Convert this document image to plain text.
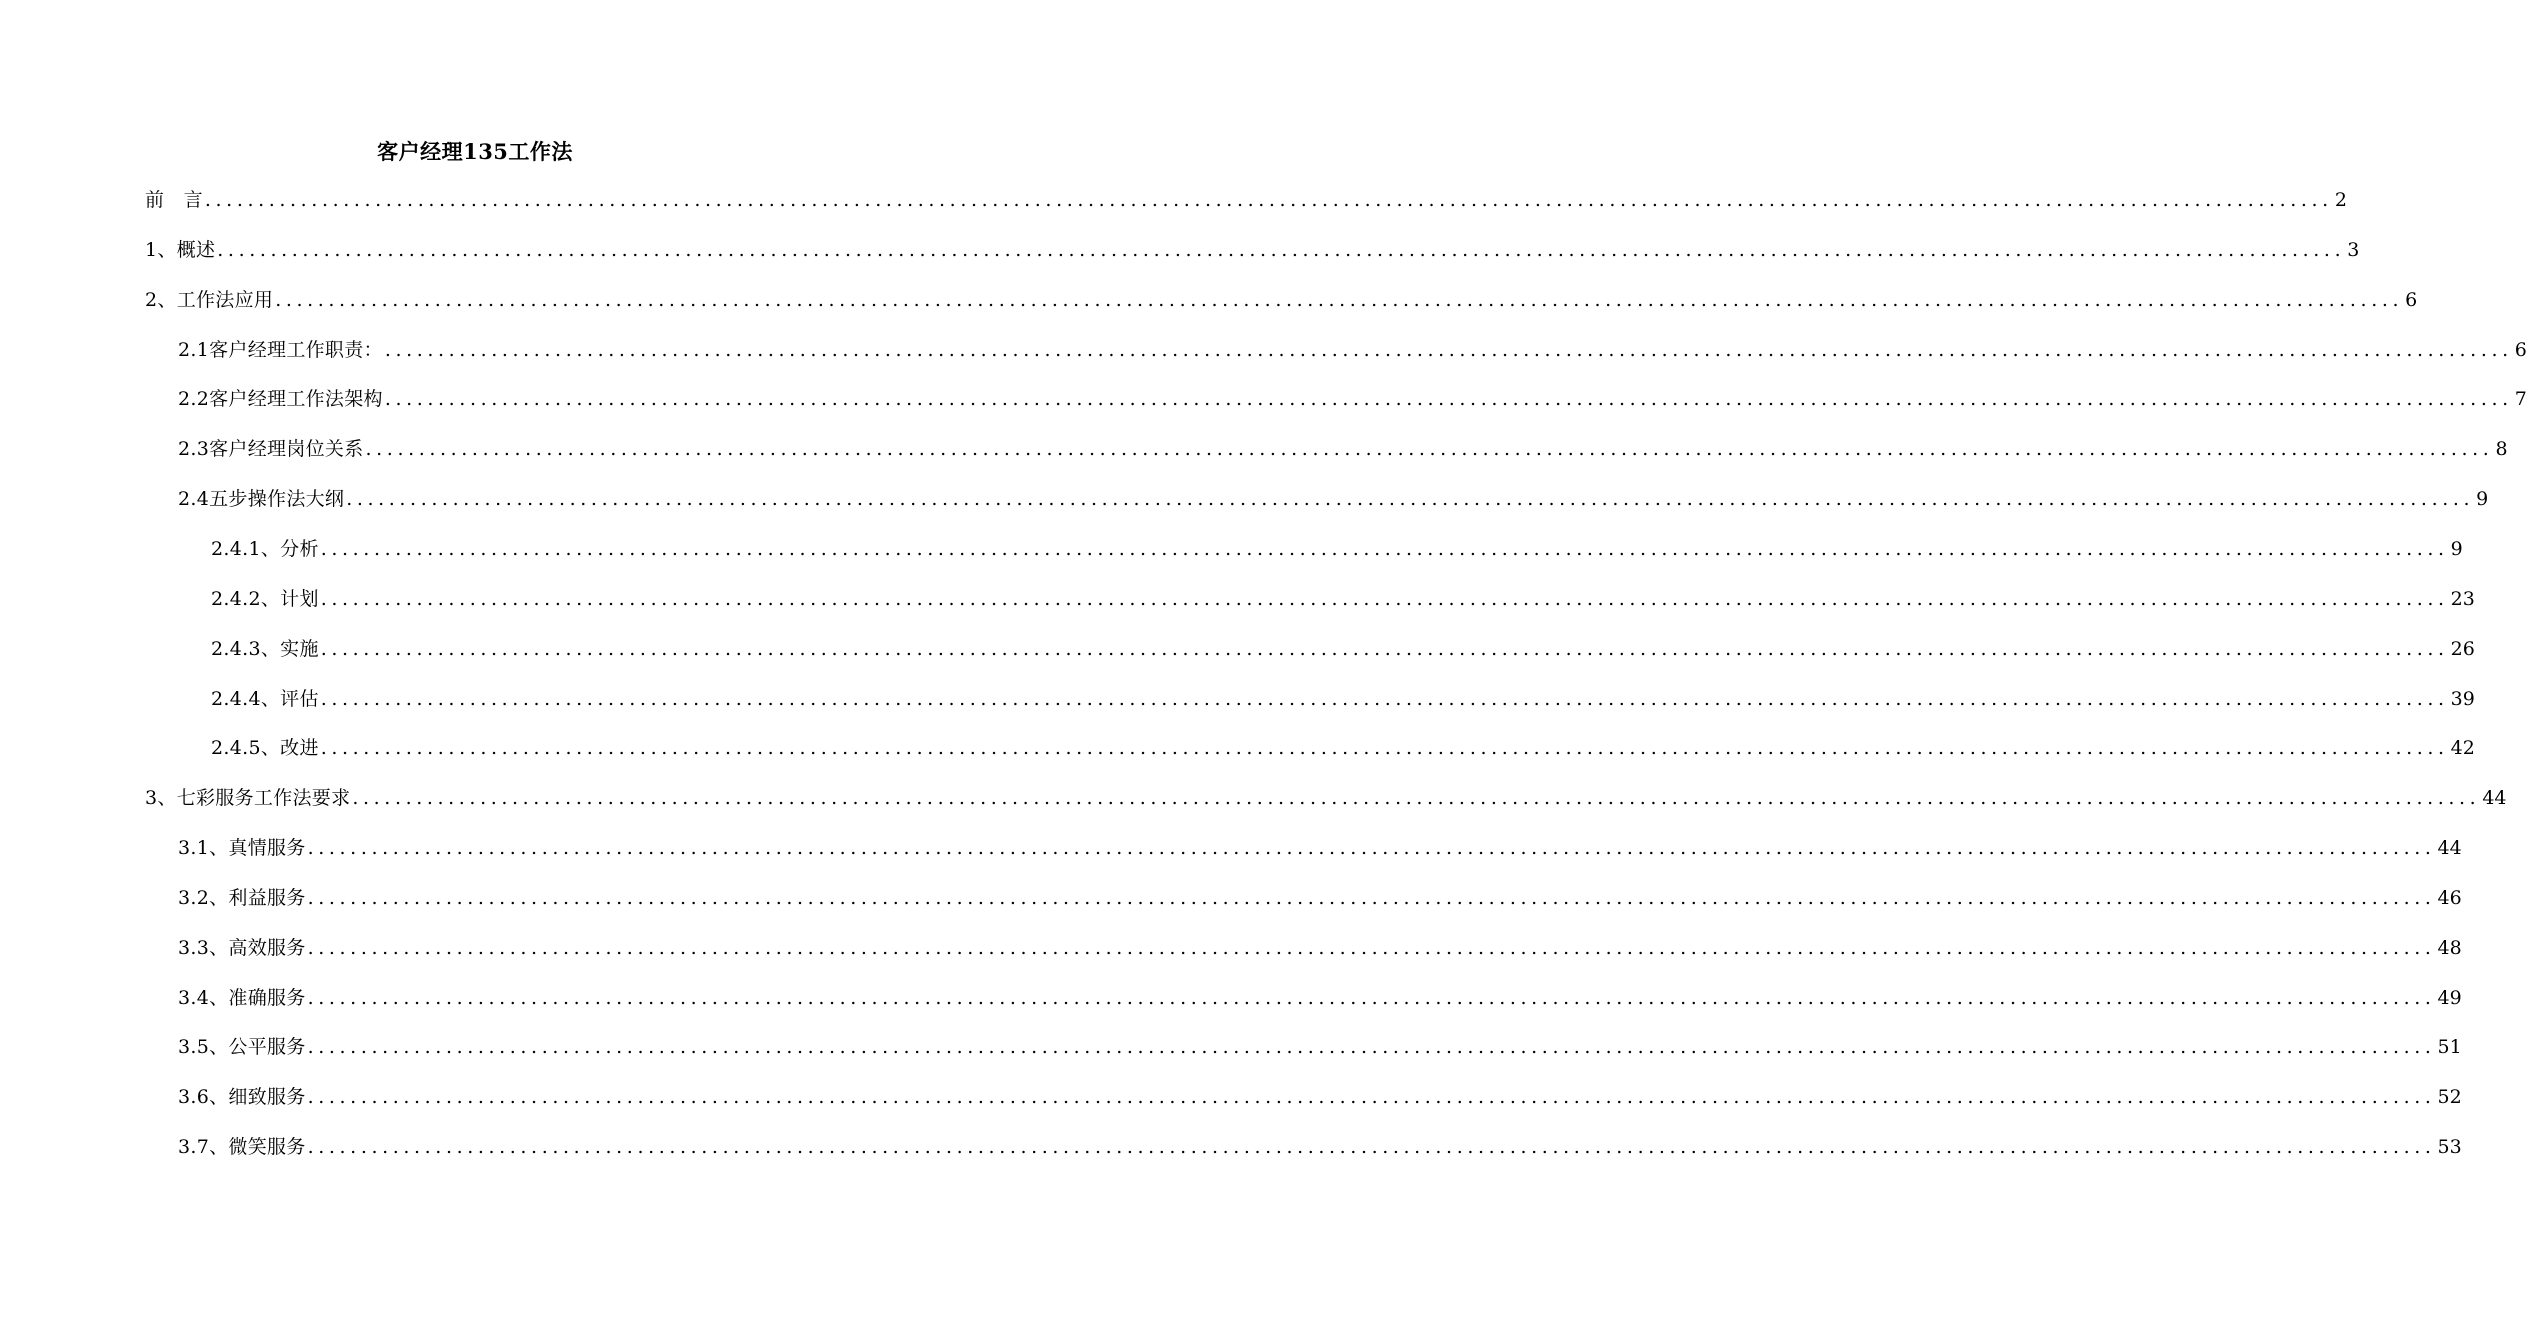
客户经理135工作法
前　言 ........................................................................................................................................................................................................ 2
1、概述 ........................................................................................................................................................................................................ 3
2、工作法应用 ........................................................................................................................................................................................................ 6
2.1客户经理工作职责： ........................................................................................................................................................................................................ 6
2.2客户经理工作法架构 ........................................................................................................................................................................................................ 7
2.3客户经理岗位关系 ........................................................................................................................................................................................................ 8
2.4五步操作法大纲 ........................................................................................................................................................................................................ 9
2.4.1、分析 ........................................................................................................................................................................................................ 9
2.4.2、计划 ........................................................................................................................................................................................................ 23
2.4.3、实施 ........................................................................................................................................................................................................ 26
2.4.4、评估 ........................................................................................................................................................................................................ 39
2.4.5、改进 ........................................................................................................................................................................................................ 42
3、七彩服务工作法要求 ........................................................................................................................................................................................................ 44
3.1、真情服务 ........................................................................................................................................................................................................ 44
3.2、利益服务 ........................................................................................................................................................................................................ 46
3.3、高效服务 ........................................................................................................................................................................................................ 48
3.4、准确服务 ........................................................................................................................................................................................................ 49
3.5、公平服务 ........................................................................................................................................................................................................ 51
3.6、细致服务 ........................................................................................................................................................................................................ 52
3.7、微笑服务 ........................................................................................................................................................................................................ 53
